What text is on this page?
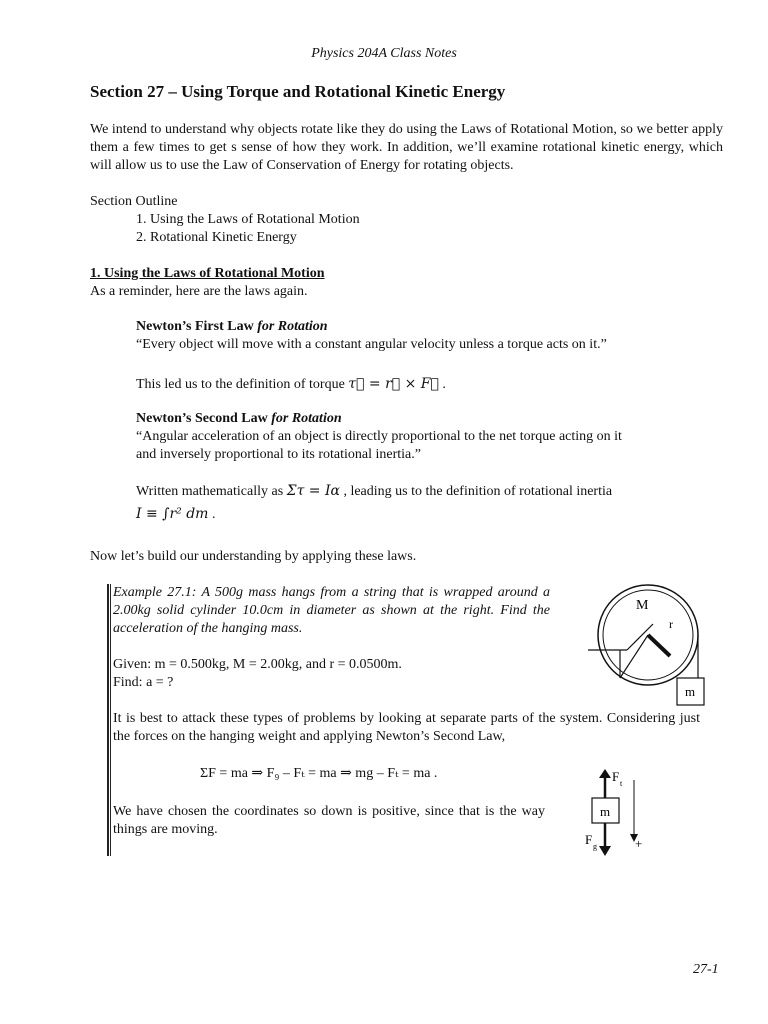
Physics 204A Class Notes
Section 27 – Using Torque and Rotational Kinetic Energy
We intend to understand why objects rotate like they do using the Laws of Rotational Motion, so we better apply them a few times to get s sense of how they work. In addition, we’ll examine rotational kinetic energy, which will allow us to use the Law of Conservation of Energy for rotating objects.
Section Outline
1. Using the Laws of Rotational Motion
2. Rotational Kinetic Energy
1. Using the Laws of Rotational Motion
As a reminder, here are the laws again.
Newton’s First Law for Rotation
“Every object will move with a constant angular velocity unless a torque acts on it.”
This led us to the definition of torque τ⃗ = r⃗ × F⃗ .
Newton’s Second Law for Rotation
“Angular acceleration of an object is directly proportional to the net torque acting on it
and inversely proportional to its rotational inertia.”
Written mathematically as Στ = Iα , leading us to the definition of rotational inertia
I ≡ ∫r² dm .
Now let’s build our understanding by applying these laws.
Example 27.1: A 500g mass hangs from a string that is wrapped around a 2.00kg solid cylinder 10.0cm in diameter as shown at the right. Find the acceleration of the hanging mass.
Given: m = 0.500kg, M = 2.00kg, and r = 0.0500m.
Find: a = ?
It is best to attack these types of problems by looking at separate parts of the system. Considering just the forces on the hanging weight and applying Newton’s Second Law,
ΣF = ma ⇒ F₉ – Fₜ = ma ⇒ mg – Fₜ = ma .
We have chosen the coordinates so down is positive, since that is the way things are moving.
M
r
m
m
F t
F g	+
27-1
